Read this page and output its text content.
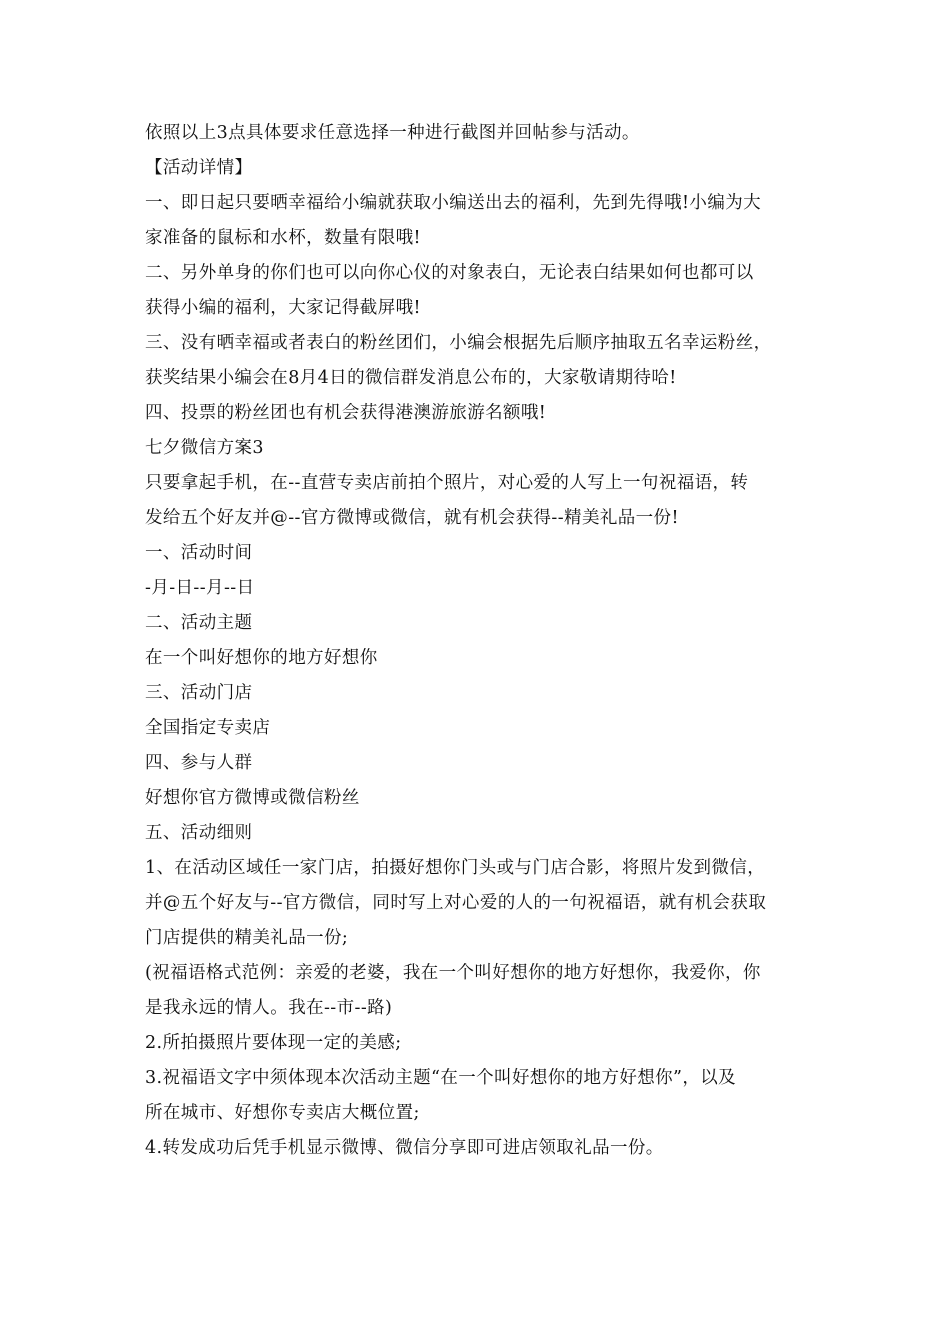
依照以上3点具体要求任意选择一种进行截图并回帖参与活动。
【活动详情】
一、即日起只要晒幸福给小编就获取小编送出去的福利，先到先得哦!小编为大
家准备的鼠标和水杯，数量有限哦!
二、另外单身的你们也可以向你心仪的对象表白，无论表白结果如何也都可以
获得小编的福利，大家记得截屏哦!
三、没有晒幸福或者表白的粉丝团们，小编会根据先后顺序抽取五名幸运粉丝，
获奖结果小编会在8月4日的微信群发消息公布的，大家敬请期待哈!
四、投票的粉丝团也有机会获得港澳游旅游名额哦!
七夕微信方案3
只要拿起手机，在--直营专卖店前拍个照片，对心爱的人写上一句祝福语，转
发给五个好友并@--官方微博或微信，就有机会获得--精美礼品一份!
一、活动时间
-月-日--月--日
二、活动主题
在一个叫好想你的地方好想你
三、活动门店
全国指定专卖店
四、参与人群
好想你官方微博或微信粉丝
五、活动细则
1、在活动区域任一家门店，拍摄好想你门头或与门店合影，将照片发到微信，
并@五个好友与--官方微信，同时写上对心爱的人的一句祝福语，就有机会获取
门店提供的精美礼品一份;
(祝福语格式范例：亲爱的老婆，我在一个叫好想你的地方好想你，我爱你，你
是我永远的情人。我在--市--路)
2.所拍摄照片要体现一定的美感;
3.祝福语文字中须体现本次活动主题“在一个叫好想你的地方好想你”，以及
所在城市、好想你专卖店大概位置;
4.转发成功后凭手机显示微博、微信分享即可进店领取礼品一份。
